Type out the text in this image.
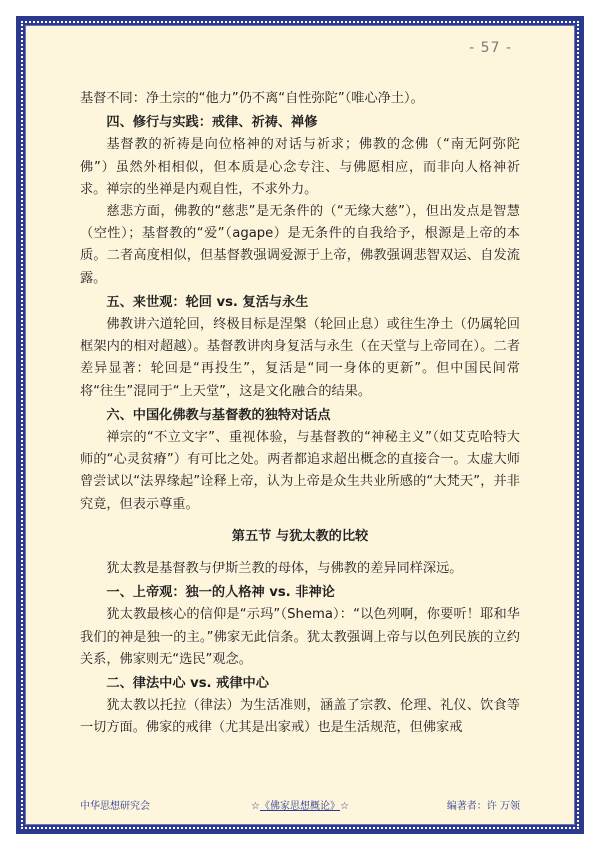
- 57 -

基督不同：净土宗的“他力”仍不离“自性弥陀”（唯心净土）。

四、修行与实践：戒律、祈祷、禅修

基督教的祈祷是向位格神的对话与祈求；佛教的念佛（“南无阿弥陀佛”）虽然外相相似，但本质是心念专注、与佛愿相应，而非向人格神祈求。禅宗的坐禅是内观自性，不求外力。

慈悲方面，佛教的“慈悲”是无条件的（“无缘大慈”），但出发点是智慧（空性）；基督教的“爱”（agape）是无条件的自我给予，根源是上帝的本质。二者高度相似，但基督教强调爱源于上帝，佛教强调悲智双运、自发流露。

五、来世观：轮回 vs. 复活与永生

佛教讲六道轮回，终极目标是涅槃（轮回止息）或往生净土（仍属轮回框架内的相对超越）。基督教讲肉身复活与永生（在天堂与上帝同在）。二者差异显著：轮回是“再投生”，复活是“同一身体的更新”。但中国民间常将“往生”混同于“上天堂”，这是文化融合的结果。

六、中国化佛教与基督教的独特对话点

禅宗的“不立文字”、重视体验，与基督教的“神秘主义”（如艾克哈特大师的“心灵贫瘠”）有可比之处。两者都追求超出概念的直接合一。太虚大师曾尝试以“法界缘起”诠释上帝，认为上帝是众生共业所感的“大梵天”，并非究竟，但表示尊重。

第五节 与犹太教的比较

犹太教是基督教与伊斯兰教的母体，与佛教的差异同样深远。

一、上帝观：独一的人格神 vs. 非神论

犹太教最核心的信仰是“示玛”（Shema）：“以色列啊，你要听！耶和华我们的神是独一的主。”佛家无此信条。犹太教强调上帝与以色列民族的立约关系，佛家则无“选民”观念。

二、律法中心 vs. 戒律中心

犹太教以托拉（律法）为生活准则，涵盖了宗教、伦理、礼仪、饮食等一切方面。佛家的戒律（尤其是出家戒）也是生活规范，但佛家戒

中华思想研究会	☆《佛家思想概论》☆	编著者：许 万领
